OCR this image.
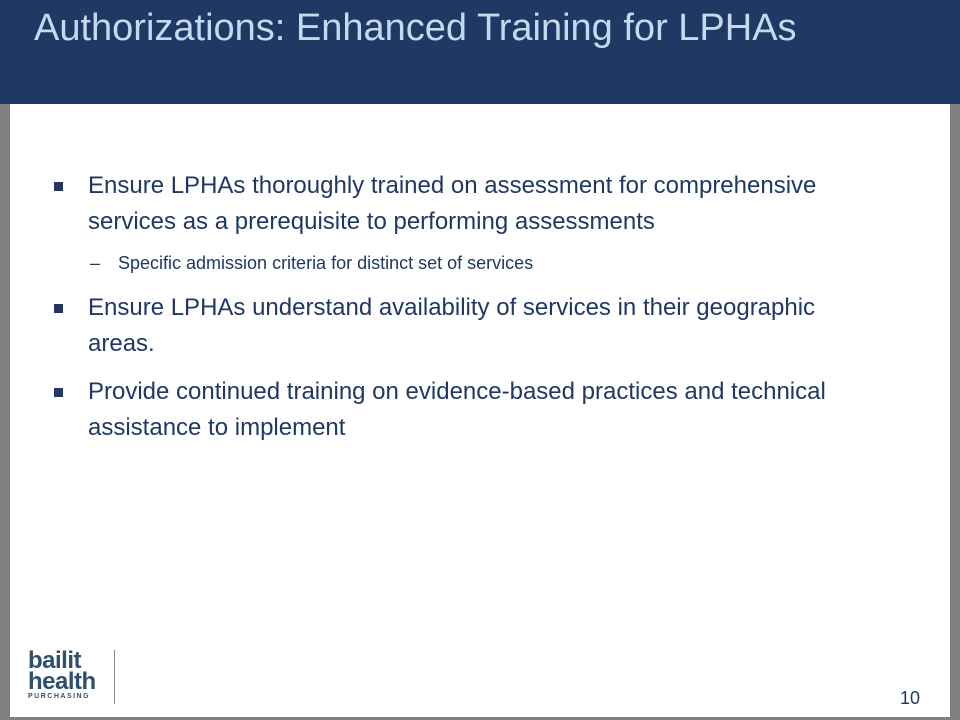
Authorizations: Enhanced Training for LPHAs
Ensure LPHAs thoroughly trained on assessment for comprehensive services as a prerequisite to performing assessments
– Specific admission criteria for distinct set of services
Ensure LPHAs understand availability of services in their geographic areas.
Provide continued training on evidence-based practices and technical assistance to implement
bailit
health
PURCHASING	10
